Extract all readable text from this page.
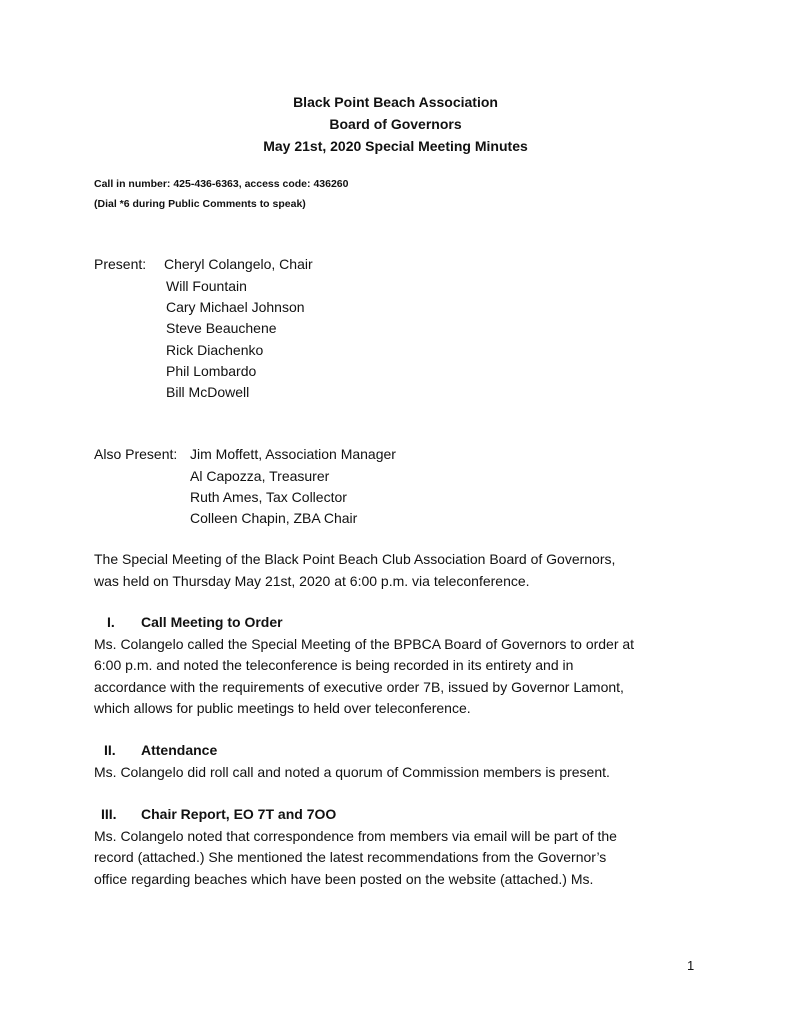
Black Point Beach Association
Board of Governors
May 21st, 2020 Special Meeting Minutes
Call in number: 425-436-6363, access code: 436260
(Dial *6 during Public Comments to speak)
Present: Cheryl Colangelo, Chair
Will Fountain
Cary Michael Johnson
Steve Beauchene
Rick Diachenko
Phil Lombardo
Bill McDowell
Also Present: Jim Moffett, Association Manager
Al Capozza, Treasurer
Ruth Ames, Tax Collector
Colleen Chapin, ZBA Chair
The Special Meeting of the Black Point Beach Club Association Board of Governors,
was held on Thursday May 21st, 2020 at 6:00 p.m. via teleconference.
I. Call Meeting to Order
Ms. Colangelo called the Special Meeting of the BPBCA Board of Governors to order at
6:00 p.m. and noted the teleconference is being recorded in its entirety and in
accordance with the requirements of executive order 7B, issued by Governor Lamont,
which allows for public meetings to held over teleconference.
II. Attendance
Ms. Colangelo did roll call and noted a quorum of Commission members is present.
III. Chair Report, EO 7T and 7OO
Ms. Colangelo noted that correspondence from members via email will be part of the
record (attached.) She mentioned the latest recommendations from the Governor’s
office regarding beaches which have been posted on the website (attached.) Ms.
1
